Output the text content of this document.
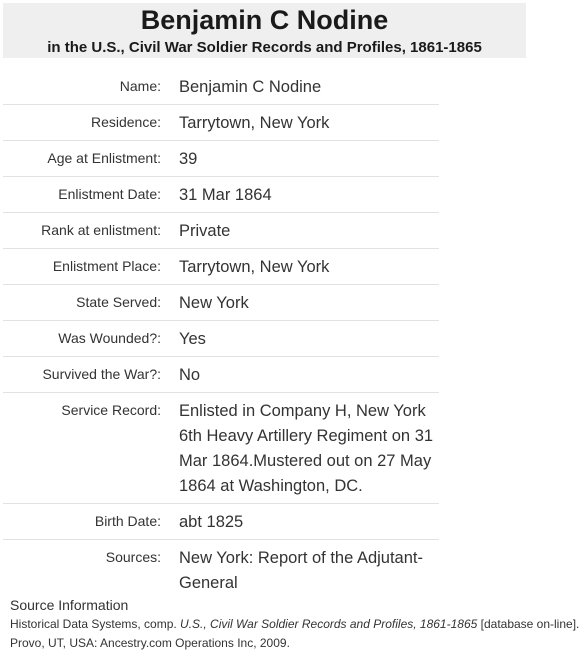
Benjamin C Nodine
in the U.S., Civil War Soldier Records and Profiles, 1861-1865
Name: Benjamin C Nodine
Residence: Tarrytown, New York
Age at Enlistment: 39
Enlistment Date: 31 Mar 1864
Rank at enlistment: Private
Enlistment Place: Tarrytown, New York
State Served: New York
Was Wounded?: Yes
Survived the War?: No
Service Record: Enlisted in Company H, New York 6th Heavy Artillery Regiment on 31 Mar 1864.Mustered out on 27 May 1864 at Washington, DC.
Birth Date: abt 1825
Sources: New York: Report of the Adjutant-General
Source Information
Historical Data Systems, comp. U.S., Civil War Soldier Records and Profiles, 1861-1865 [database on-line].
Provo, UT, USA: Ancestry.com Operations Inc, 2009.
